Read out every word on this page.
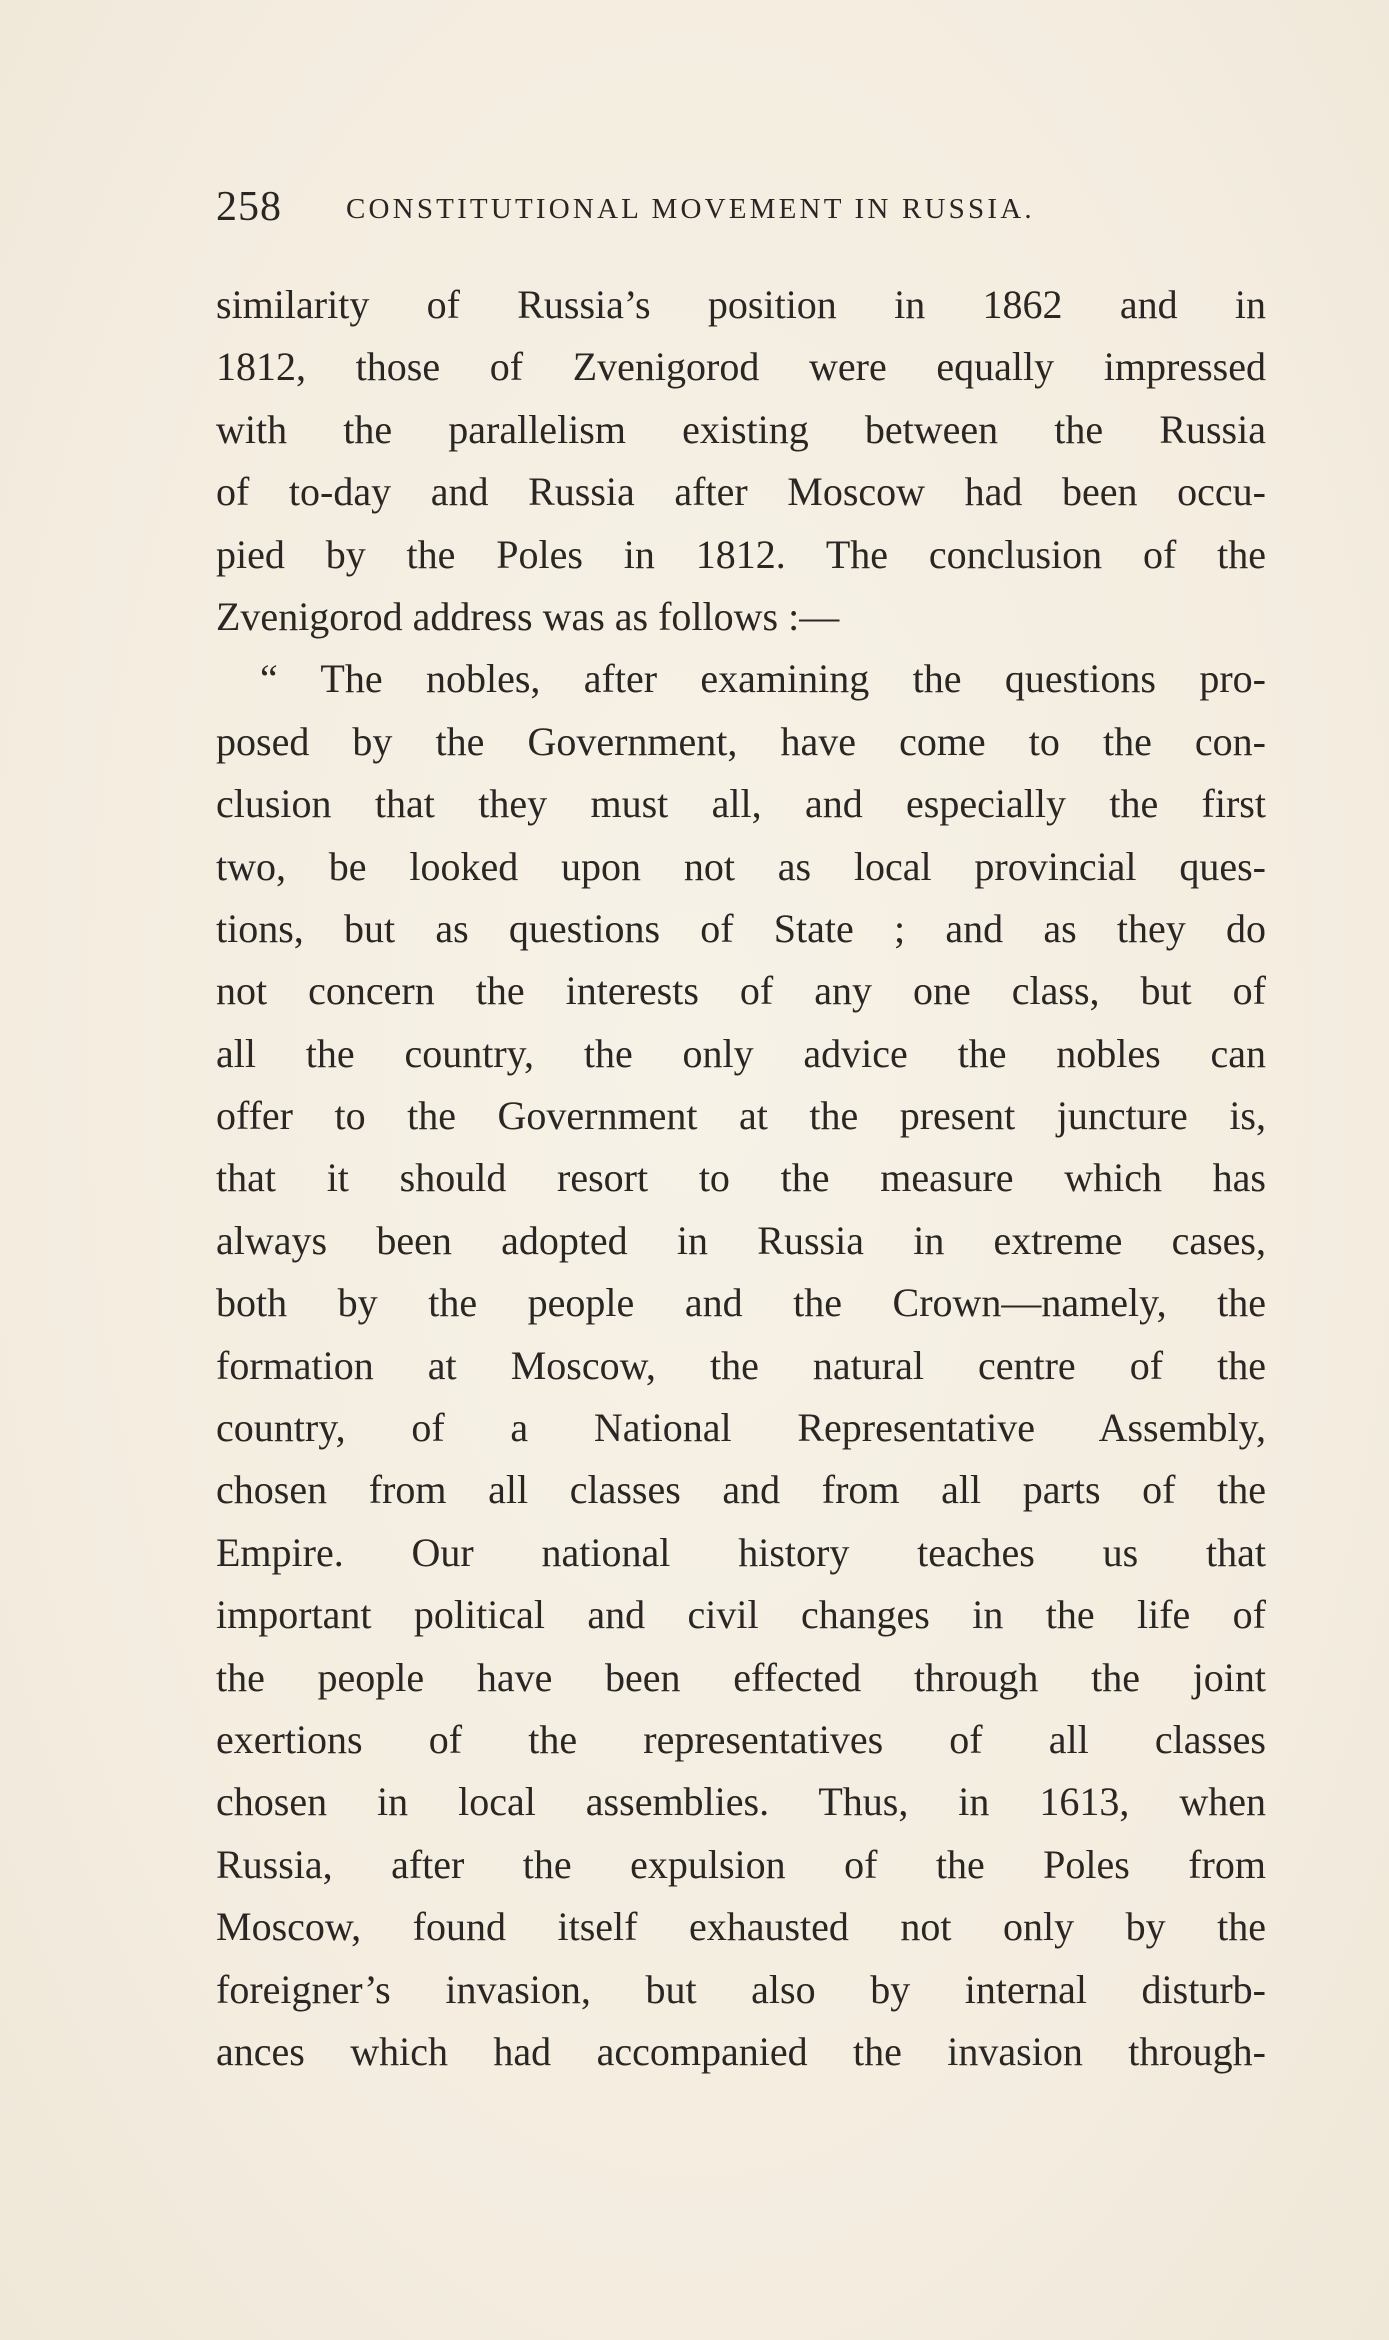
258 CONSTITUTIONAL MOVEMENT IN RUSSIA.
similarity of Russia’s position in 1862 and in
1812, those of Zvenigorod were equally impressed
with the parallelism existing between the Russia
of to-day and Russia after Moscow had been occu-
pied by the Poles in 1812. The conclusion of the
Zvenigorod address was as follows :—
“ The nobles, after examining the questions pro-
posed by the Government, have come to the con-
clusion that they must all, and especially the first
two, be looked upon not as local provincial ques-
tions, but as questions of State ; and as they do
not concern the interests of any one class, but of
all the country, the only advice the nobles can
offer to the Government at the present juncture is,
that it should resort to the measure which has
always been adopted in Russia in extreme cases,
both by the people and the Crown—namely, the
formation at Moscow, the natural centre of the
country, of a National Representative Assembly,
chosen from all classes and from all parts of the
Empire. Our national history teaches us that
important political and civil changes in the life of
the people have been effected through the joint
exertions of the representatives of all classes
chosen in local assemblies. Thus, in 1613, when
Russia, after the expulsion of the Poles from
Moscow, found itself exhausted not only by the
foreigner’s invasion, but also by internal disturb-
ances which had accompanied the invasion through-
